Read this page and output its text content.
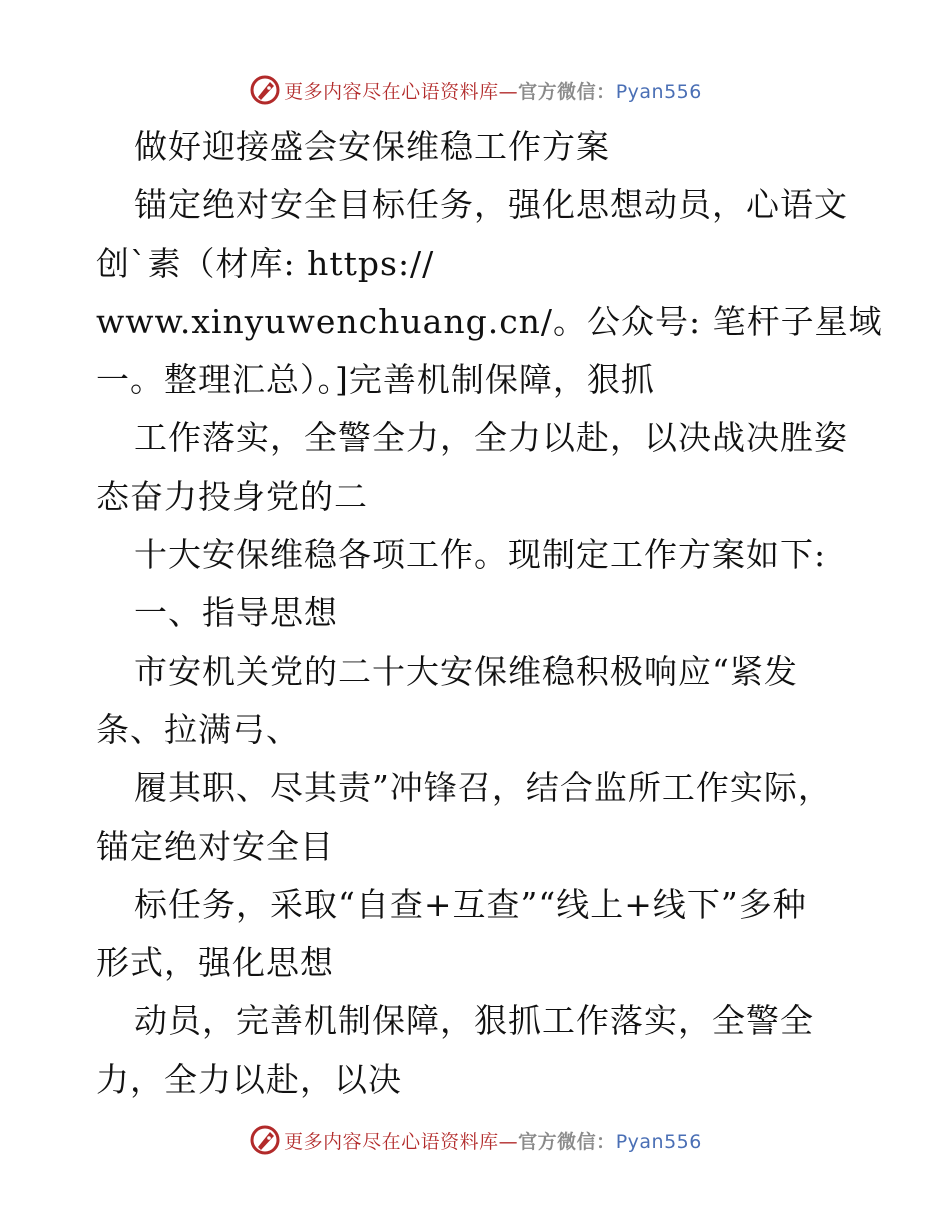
更多内容尽在心语资料库—官方微信：Pyan556
做好迎接盛会安保维稳工作方案
锚定绝对安全目标任务，强化思想动员，心语文
创`素（材库: https://
www.xinyuwenchuang.cn/。公众号: 笔杆子星域
一。整理汇总）。]完善机制保障，狠抓
工作落实，全警全力，全力以赴，以决战决胜姿
态奋力投身党的二
十大安保维稳各项工作。现制定工作方案如下:
一、指导思想
市安机关党的二十大安保维稳积极响应“紧发
条、拉满弓、
履其职、尽其责”冲锋召，结合监所工作实际，
锚定绝对安全目
标任务，采取“自查+互查”“线上+线下”多种
形式，强化思想
动员，完善机制保障，狠抓工作落实，全警全
力，全力以赴，以决
更多内容尽在心语资料库—官方微信：Pyan556
